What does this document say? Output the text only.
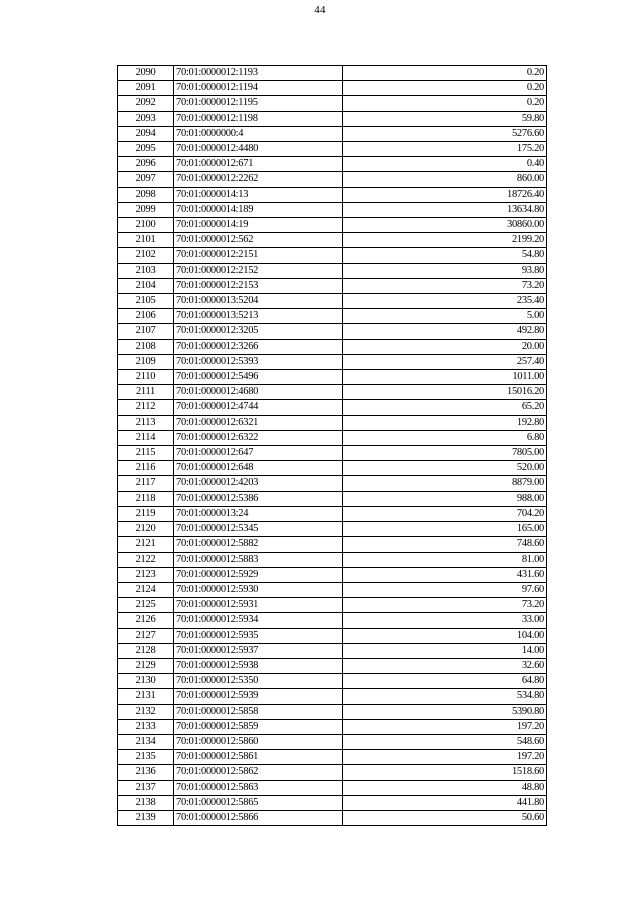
44
2090	70:01:0000012:1193	0.20
2091	70:01:0000012:1194	0.20
2092	70:01:0000012:1195	0.20
2093	70:01:0000012:1198	59.80
2094	70:01:0000000:4	5276.60
2095	70:01:0000012:4480	175.20
2096	70:01:0000012:671	0.40
2097	70:01:0000012:2262	860.00
2098	70:01:0000014:13	18726.40
2099	70:01:0000014:189	13634.80
2100	70:01:0000014:19	30860.00
2101	70:01:0000012:562	2199.20
2102	70:01:0000012:2151	54.80
2103	70:01:0000012:2152	93.80
2104	70:01:0000012:2153	73.20
2105	70:01:0000013:5204	235.40
2106	70:01:0000013:5213	5.00
2107	70:01:0000012:3205	492.80
2108	70:01:0000012:3266	20.00
2109	70:01:0000012:5393	257.40
2110	70:01:0000012:5496	1011.00
2111	70:01:0000012:4680	15016.20
2112	70:01:0000012:4744	65.20
2113	70:01:0000012:6321	192.80
2114	70:01:0000012:6322	6.80
2115	70:01:0000012:647	7805.00
2116	70:01:0000012:648	520.00
2117	70:01:0000012:4203	8879.00
2118	70:01:0000012:5386	988.00
2119	70:01:0000013:24	704.20
2120	70:01:0000012:5345	165.00
2121	70:01:0000012:5882	748.60
2122	70:01:0000012:5883	81.00
2123	70:01:0000012:5929	431.60
2124	70:01:0000012:5930	97.60
2125	70:01:0000012:5931	73.20
2126	70:01:0000012:5934	33.00
2127	70:01:0000012:5935	104.00
2128	70:01:0000012:5937	14.00
2129	70:01:0000012:5938	32.60
2130	70:01:0000012:5350	64.80
2131	70:01:0000012:5939	534.80
2132	70:01:0000012:5858	5390.80
2133	70:01:0000012:5859	197.20
2134	70:01:0000012:5860	548.60
2135	70:01:0000012:5861	197.20
2136	70:01:0000012:5862	1518.60
2137	70:01:0000012:5863	48.80
2138	70:01:0000012:5865	441.80
2139	70:01:0000012:5866	50.60
